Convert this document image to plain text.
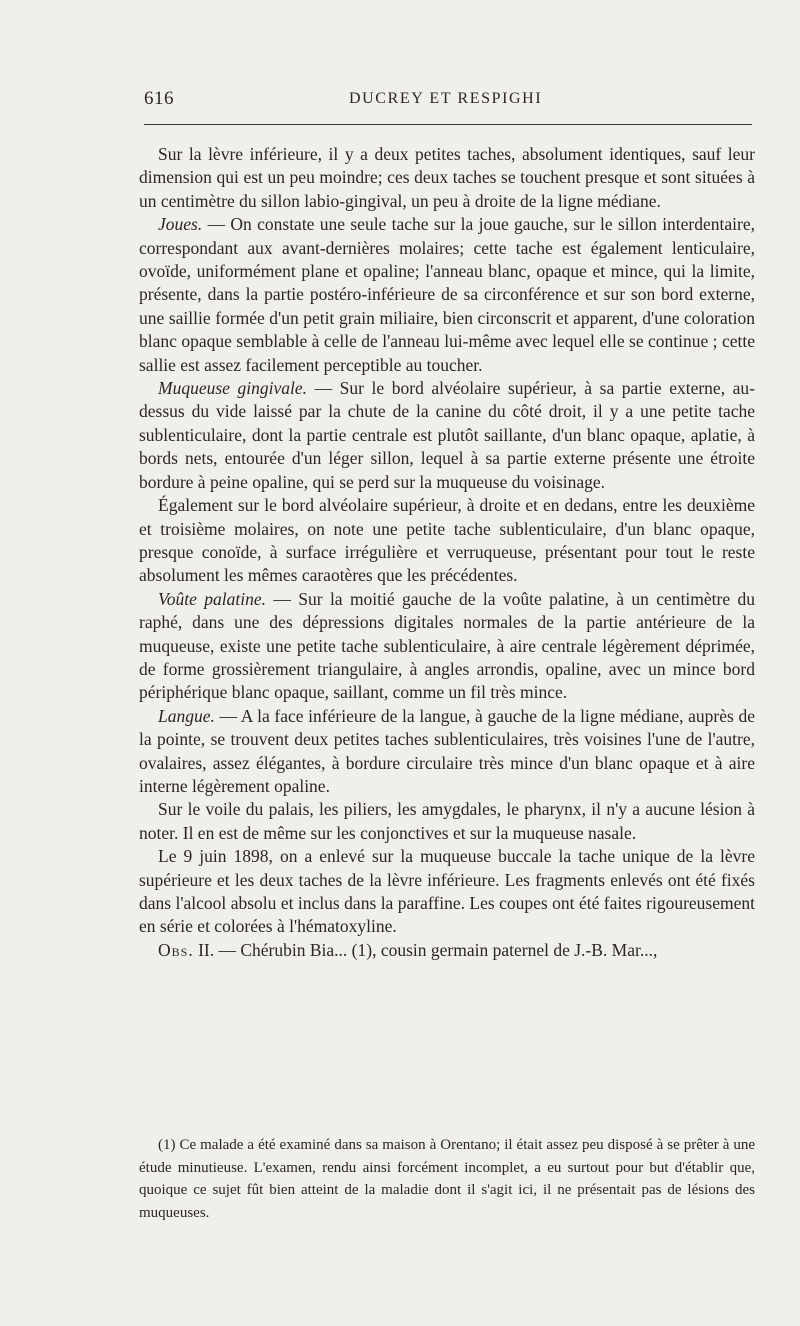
616	DUCREY ET RESPIGHI

Sur la lèvre inférieure, il y a deux petites taches, absolument identiques, sauf leur dimension qui est un peu moindre; ces deux taches se touchent presque et sont situées à un centimètre du sillon labio-gingival, un peu à droite de la ligne médiane.

Joues. — On constate une seule tache sur la joue gauche, sur le sillon interdentaire, correspondant aux avant-dernières molaires; cette tache est également lenticulaire, ovoïde, uniformément plane et opaline; l'anneau blanc, opaque et mince, qui la limite, présente, dans la partie postéro-inférieure de sa circonférence et sur son bord externe, une saillie formée d'un petit grain miliaire, bien circonscrit et apparent, d'une coloration blanc opaque semblable à celle de l'anneau lui-même avec lequel elle se continue ; cette sallie est assez facilement perceptible au toucher.

Muqueuse gingivale. — Sur le bord alvéolaire supérieur, à sa partie externe, au-dessus du vide laissé par la chute de la canine du côté droit, il y a une petite tache sublenticulaire, dont la partie centrale est plutôt saillante, d'un blanc opaque, aplatie, à bords nets, entourée d'un léger sillon, lequel à sa partie externe présente une étroite bordure à peine opaline, qui se perd sur la muqueuse du voisinage.

Également sur le bord alvéolaire supérieur, à droite et en dedans, entre les deuxième et troisième molaires, on note une petite tache sublenticulaire, d'un blanc opaque, presque conoïde, à surface irrégulière et verruqueuse, présentant pour tout le reste absolument les mêmes caraotères que les précédentes.

Voûte palatine. — Sur la moitié gauche de la voûte palatine, à un centimètre du raphé, dans une des dépressions digitales normales de la partie antérieure de la muqueuse, existe une petite tache sublenticulaire, à aire centrale légèrement déprimée, de forme grossièrement triangulaire, à angles arrondis, opaline, avec un mince bord périphérique blanc opaque, saillant, comme un fil très mince.

Langue. — A la face inférieure de la langue, à gauche de la ligne médiane, auprès de la pointe, se trouvent deux petites taches sublenticulaires, très voisines l'une de l'autre, ovalaires, assez élégantes, à bordure circulaire très mince d'un blanc opaque et à aire interne légèrement opaline.

Sur le voile du palais, les piliers, les amygdales, le pharynx, il n'y a aucune lésion à noter. Il en est de même sur les conjonctives et sur la muqueuse nasale.

Le 9 juin 1898, on a enlevé sur la muqueuse buccale la tache unique de la lèvre supérieure et les deux taches de la lèvre inférieure. Les fragments enlevés ont été fixés dans l'alcool absolu et inclus dans la paraffine. Les coupes ont été faites rigoureusement en série et colorées à l'hématoxyline.

Obs. II. — Chérubin Bia... (1), cousin germain paternel de J.-B. Mar...,

(1) Ce malade a été examiné dans sa maison à Orentano; il était assez peu disposé à se prêter à une étude minutieuse. L'examen, rendu ainsi forcément incomplet, a eu surtout pour but d'établir que, quoique ce sujet fût bien atteint de la maladie dont il s'agit ici, il ne présentait pas de lésions des muqueuses.
